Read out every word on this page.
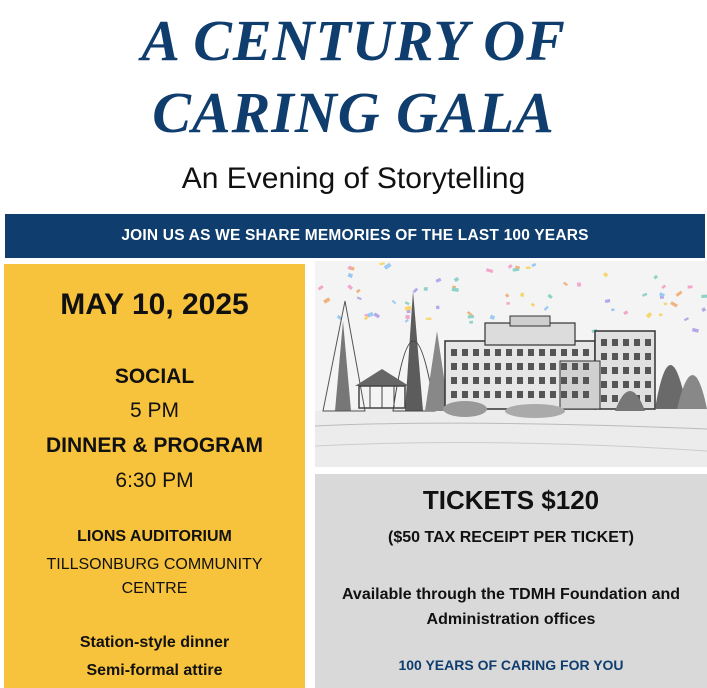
A CENTURY OF
CARING GALA
An Evening of Storytelling
JOIN US AS WE SHARE MEMORIES OF THE LAST 100 YEARS
MAY 10, 2025
SOCIAL
5 PM
DINNER & PROGRAM
6:30 PM
LIONS AUDITORIUM
TILLSONBURG COMMUNITY CENTRE
Station-style dinner
Semi-formal attire
TICKETS $120
($50 TAX RECEIPT PER TICKET)
Available through the TDMH Foundation and Administration offices
100 YEARS OF CARING FOR YOU
